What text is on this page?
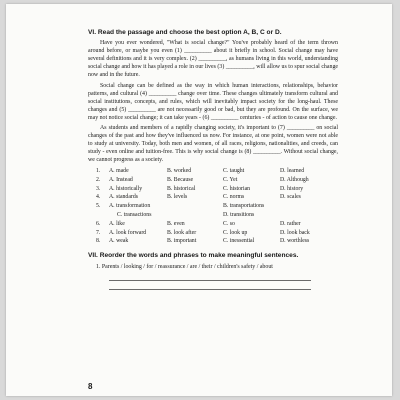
VI. Read the passage and choose the best option A, B, C or D.

Have you ever wondered, "What is social change?" You've probably heard of the term thrown around before, or maybe you even (1) __________ about it briefly in school. Social change may have several definitions and it is very complex. (2) __________, as humans living in this world, understanding social change and how it has played a role in our lives (3) __________, will allow us to spur social change now and in the future.

Social change can be defined as the way in which human interactions, relationships, behavior patterns, and cultural (4) __________ change over time. These changes ultimately transform cultural and social institutions, concepts, and rules, which will inevitably impact society for the long-haul. These changes and (5) __________ are not necessarily good or bad, but they are profound. On the surface, we may not notice social change; it can take years - (6) __________ centuries - of action to cause one change.

As students and members of a rapidly changing society, it's important to (7) __________ on social changes of the past and how they've influenced us now. For instance, at one point, women were not able to study at university. Today, both men and women, of all races, religions, nationalities, and creeds, can study - even online and tuition-free. This is why social change is (8) __________. Without social change, we cannot progress as a society.

1.	A. made	B. worked	C. taught	D. learned
2.	A. Instead	B. Because	C. Yet	D. Although
3.	A. historically	B. historical	C. historian	D. history
4.	A. standards	B. levels	C. norms	D. scales
5.	A. transformation		B. transportations	
	C. transactions		D. transitions	
6.	A. like	B. even	C. so	D. rather
7.	A. look forward	B. look after	C. look up	D. look back
8.	A. weak	B. important	C. inessential	D. worthless
VII. Reorder the words and phrases to make meaningful sentences.
1. Parents / looking / for / reassurance / are / their / children's safety / about
8
